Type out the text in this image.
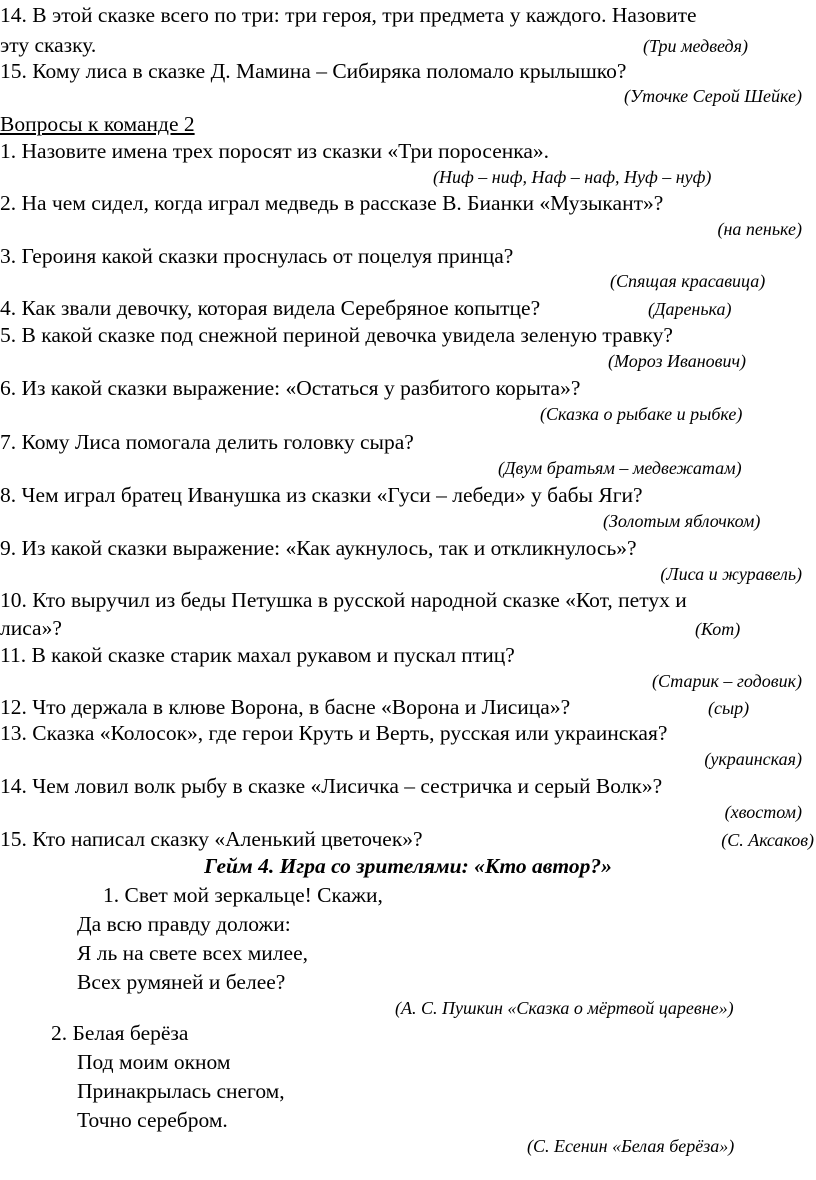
14. В этой сказке всего по три: три героя, три предмета у каждого. Назовите
эту сказку.	(Три медведя)
15. Кому лиса в сказке Д. Мамина – Сибиряка поломало крылышко?
(Уточке Серой Шейке)
Вопросы к команде 2
1. Назовите имена трех поросят из сказки «Три поросенка».
(Ниф – ниф, Наф – наф, Нуф – нуф)
2. На чем сидел, когда играл медведь в рассказе В. Бианки «Музыкант»?
(на пеньке)
3. Героиня какой сказки проснулась от поцелуя принца?
(Спящая красавица)
4. Как звали девочку, которая видела Серебряное копытце?	(Даренька)
5. В какой сказке под снежной периной девочка увидела зеленую травку?
(Мороз Иванович)
6. Из какой сказки выражение: «Остаться у разбитого корыта»?
(Сказка о рыбаке и рыбке)
7. Кому Лиса помогала делить головку сыра?
(Двум братьям – медвежатам)
8. Чем играл братец Иванушка из сказки «Гуси – лебеди» у бабы Яги?
(Золотым яблочком)
9. Из какой сказки выражение: «Как аукнулось, так и откликнулось»?
(Лиса и журавель)
10. Кто выручил из беды Петушка в русской народной сказке «Кот, петух и
лиса»?	(Кот)
11. В какой сказке старик махал рукавом и пускал птиц?
(Старик – годовик)
12. Что держала в клюве Ворона, в басне «Ворона и Лисица»?	(сыр)
13. Сказка «Колосок», где герои Круть и Верть, русская или украинская?
(украинская)
14. Чем ловил волк рыбу в сказке «Лисичка – сестричка и серый Волк»?
(хвостом)
15. Кто написал сказку «Аленький цветочек»?	(С. Аксаков)
Гейм 4. Игра со зрителями: «Кто автор?»
1. Свет мой зеркальце! Скажи,
Да всю правду доложи:
Я ль на свете всех милее,
Всех румяней и белее?
(А. С. Пушкин «Сказка о мёртвой царевне»)
2. Белая берёза
Под моим окном
Принакрылась снегом,
Точно серебром.
(С. Есенин «Белая берёза»)
